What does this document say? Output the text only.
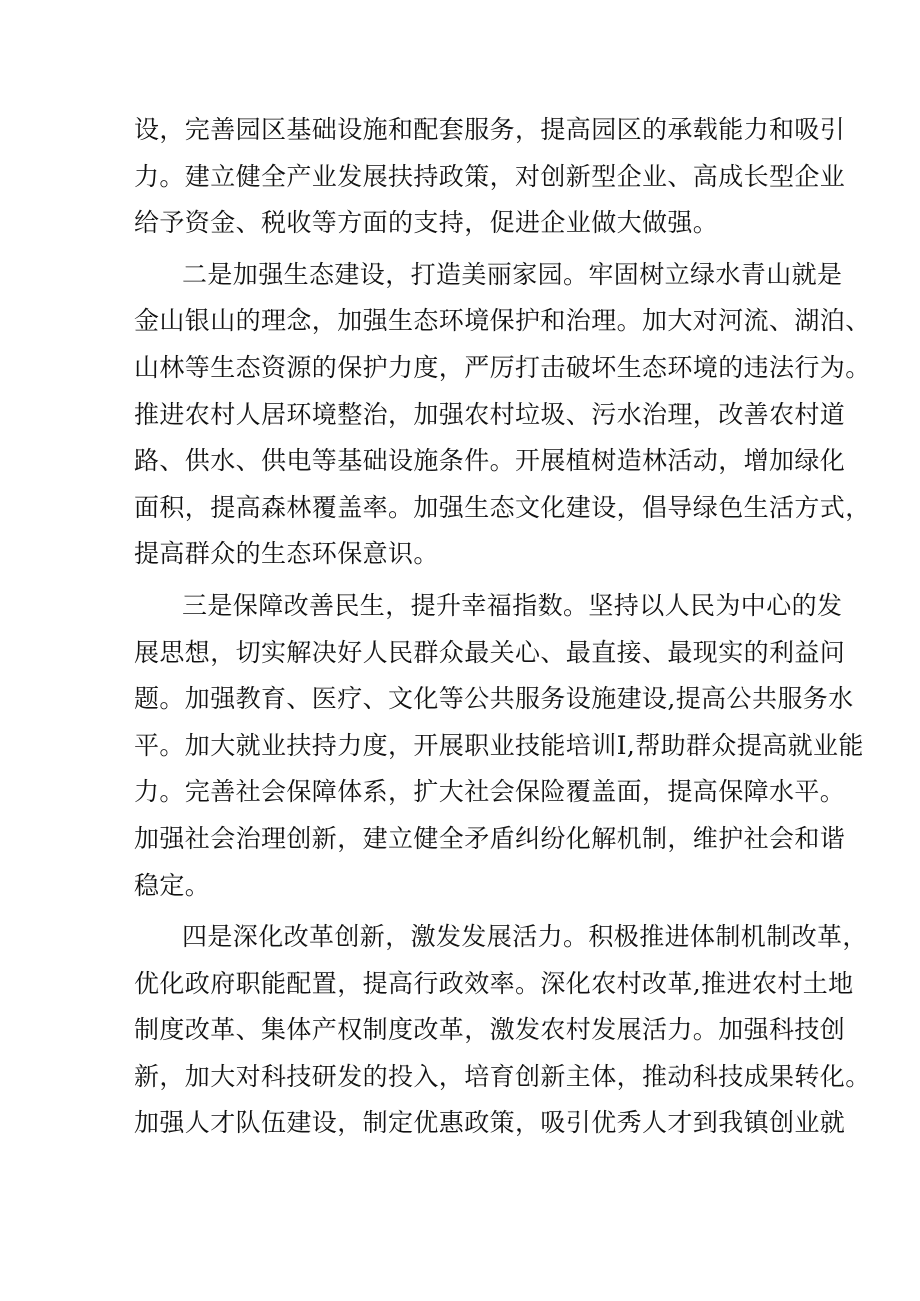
设，完善园区基础设施和配套服务，提高园区的承载能力和吸引
力。建立健全产业发展扶持政策，对创新型企业、高成长型企业
给予资金、税收等方面的支持，促进企业做大做强。
二是加强生态建设，打造美丽家园。牢固树立绿水青山就是
金山银山的理念，加强生态环境保护和治理。加大对河流、湖泊、
山林等生态资源的保护力度，严厉打击破坏生态环境的违法行为。
推进农村人居环境整治，加强农村垃圾、污水治理，改善农村道
路、供水、供电等基础设施条件。开展植树造林活动，增加绿化
面积，提高森林覆盖率。加强生态文化建设，倡导绿色生活方式，
提高群众的生态环保意识。
三是保障改善民生，提升幸福指数。坚持以人民为中心的发
展思想，切实解决好人民群众最关心、最直接、最现实的利益问
题。加强教育、医疗、文化等公共服务设施建设,提高公共服务水
平。加大就业扶持力度，开展职业技能培训I,帮助群众提高就业能
力。完善社会保障体系，扩大社会保险覆盖面，提高保障水平。
加强社会治理创新，建立健全矛盾纠纷化解机制，维护社会和谐
稳定。
四是深化改革创新，激发发展活力。积极推进体制机制改革，
优化政府职能配置，提高行政效率。深化农村改革,推进农村土地
制度改革、集体产权制度改革，激发农村发展活力。加强科技创
新，加大对科技研发的投入，培育创新主体，推动科技成果转化。
加强人才队伍建设，制定优惠政策，吸引优秀人才到我镇创业就
